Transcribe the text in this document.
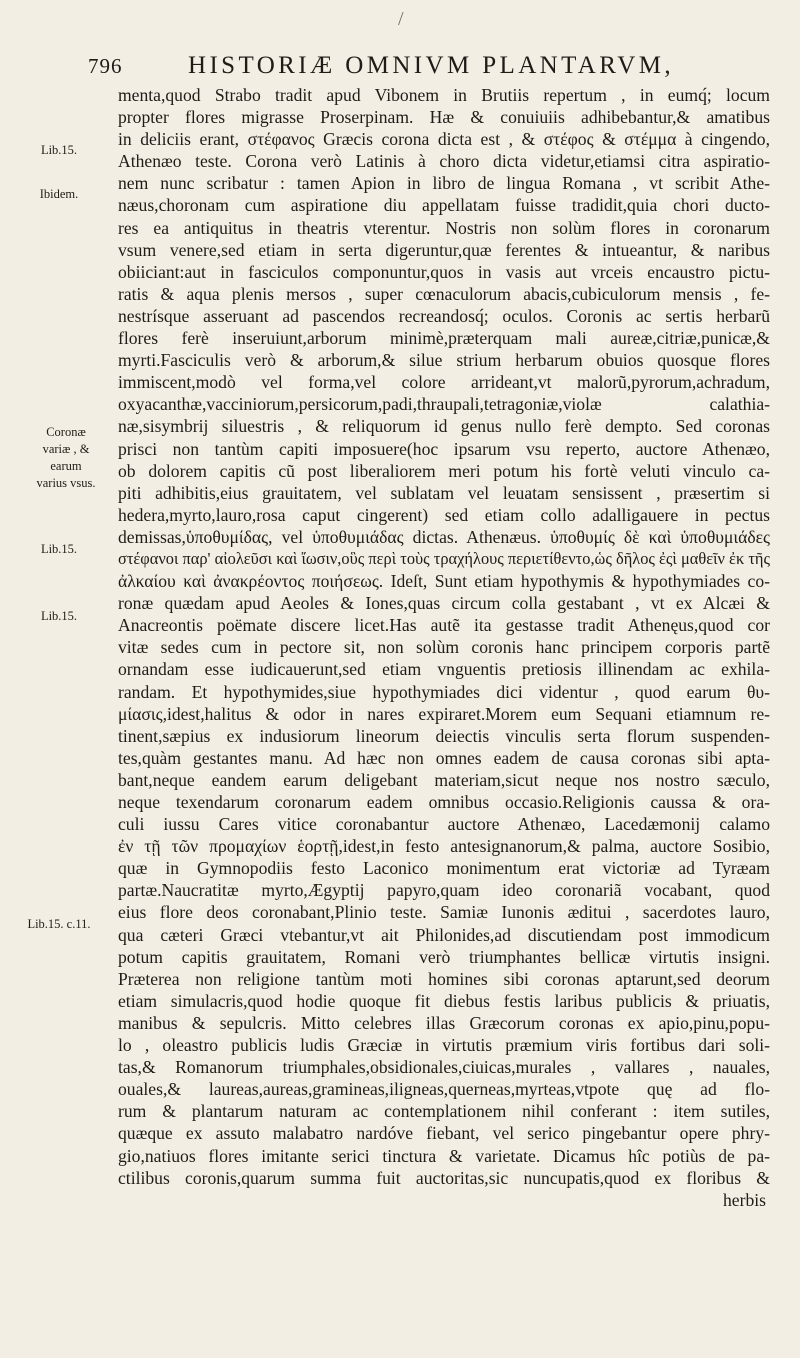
/
796	HISTORIÆ OMNIVM PLANTARVM,
Lib.15.
Ibidem.
Coronæ variæ , & earum varius vsus.
Lib.15.
Lib.15.
Lib.15. c.11.
menta,quod Strabo tradit apud Vibonem in Brutiis repertum , in eumq́; locum
propter flores migrasse Proserpinam. Hæ & conuiuiis adhibebantur,& amatibus
in deliciis erant, στέφανος Græcis corona dicta est , & στέφος & στέμμα à cingendo,
Athenæo teste. Corona verò Latinis à choro dicta videtur,etiamsi citra aspiratio-
nem nunc scribatur : tamen Apion in libro de lingua Romana , vt scribit Athe-
næus,choronam cum aspiratione diu appellatam fuisse tradidit,quia chori ducto-
res ea antiquitus in theatris vterentur. Nostris non solùm flores in coronarum
vsum venere,sed etiam in serta digeruntur,quæ ferentes & intueantur, & naribus
obiiciant:aut in fasciculos componuntur,quos in vasis aut vrceis encaustro pictu-
ratis & aqua plenis mersos , super cœnaculorum abacis,cubiculorum mensis , fe-
nestrísque asseruant ad pascendos recreandosq́; oculos. Coronis ac sertis herbarũ
flores ferè inseruiunt,arborum minimè,præterquam mali aureæ,citriæ,punicæ,&
myrti.Fasciculis verò & arborum,& silue strium herbarum obuios quosque flores
immiscent,modò vel forma,vel colore arrideant,vt malorũ,pyrorum,achradum,
oxyacanthæ,vacciniorum,persicorum,padi,thraupali,tetragoniæ,violæ calathia-
næ,sisymbrij siluestris , & reliquorum id genus nullo ferè dempto. Sed coronas
prisci non tantùm capiti imposuere(hoc ipsarum vsu reperto, auctore Athenæo,
ob dolorem capitis cũ post liberaliorem meri potum his fortè veluti vinculo ca-
piti adhibitis,eius grauitatem, vel sublatam vel leuatam sensissent , præsertim si
hedera,myrto,lauro,rosa caput cingerent) sed etiam collo adalligauere in pectus
demissas,ὑποθυμίδας, vel ὑποθυμιάδας dictas. Athenæus. ὑποθυμίς δὲ καὶ ὑποθυμιάδες
στέφανοι παρ' αἰολεῦσι καὶ ἴωσιν,οὓς περὶ τοὺς τραχήλους περιετίθεντο,ὡς δῆλος ἐςὶ μαθεῖν ἐκ τῆς
ἀλκαίου καὶ ἀνακρέοντος ποιήσεως. Ideſt, Sunt etiam hypothymis & hypothymiades co-
ronæ quædam apud Aeoles & Iones,quas circum colla gestabant , vt ex Alcæi &
Anacreontis poëmate discere licet.Has autẽ ita gestasse tradit Athenęus,quod cor
vitæ sedes cum in pectore sit, non solùm coronis hanc principem corporis partẽ
ornandam esse iudicauerunt,sed etiam vnguentis pretiosis illinendam ac exhila-
randam. Et hypothymides,siue hypothymiades dici videntur , quod earum θυ-
μίασις,idest,halitus & odor in nares expiraret.Morem eum Sequani etiamnum re-
tinent,sæpius ex indusiorum lineorum deiectis vinculis serta florum suspenden-
tes,quàm gestantes manu. Ad hæc non omnes eadem de causa coronas sibi apta-
bant,neque eandem earum deligebant materiam,sicut neque nos nostro sæculo,
neque texendarum coronarum eadem omnibus occasio.Religionis caussa & ora-
culi iussu Cares vitice coronabantur auctore Athenæo, Lacedæmonij calamo
ἐν τῇ τῶν προμαχίων ἑορτῇ,idest,in festo antesignanorum,& palma, auctore Sosibio,
quæ in Gymnopodiis festo Laconico monimentum erat victoriæ ad Tyræam
partæ.Naucratitæ myrto,Ægyptij papyro,quam ideo coronariã vocabant, quod
eius flore deos coronabant,Plinio teste. Samiæ Iunonis æditui , sacerdotes lauro,
qua cæteri Græci vtebantur,vt ait Philonides,ad discutiendam post immodicum
potum capitis grauitatem, Romani verò triumphantes bellicæ virtutis insigni.
Præterea non religione tantùm moti homines sibi coronas aptarunt,sed deorum
etiam simulacris,quod hodie quoque fit diebus festis laribus publicis & priuatis,
manibus & sepulcris. Mitto celebres illas Græcorum coronas ex apio,pinu,popu-
lo , oleastro publicis ludis Græciæ in virtutis præmium viris fortibus dari soli-
tas,& Romanorum triumphales,obsidionales,ciuicas,murales , vallares , nauales,
ouales,& laureas,aureas,gramineas,iligneas,querneas,myrteas,vtpote quę ad flo-
rum & plantarum naturam ac contemplationem nihil conferant : item sutiles,
quæque ex assuto malabatro nardóve fiebant, vel serico pingebantur opere phry-
gio,natiuos flores imitante serici tinctura & varietate. Dicamus hîc potiùs de pa-
ctilibus coronis,quarum summa fuit auctoritas,sic nuncupatis,quod ex floribus &
herbis
